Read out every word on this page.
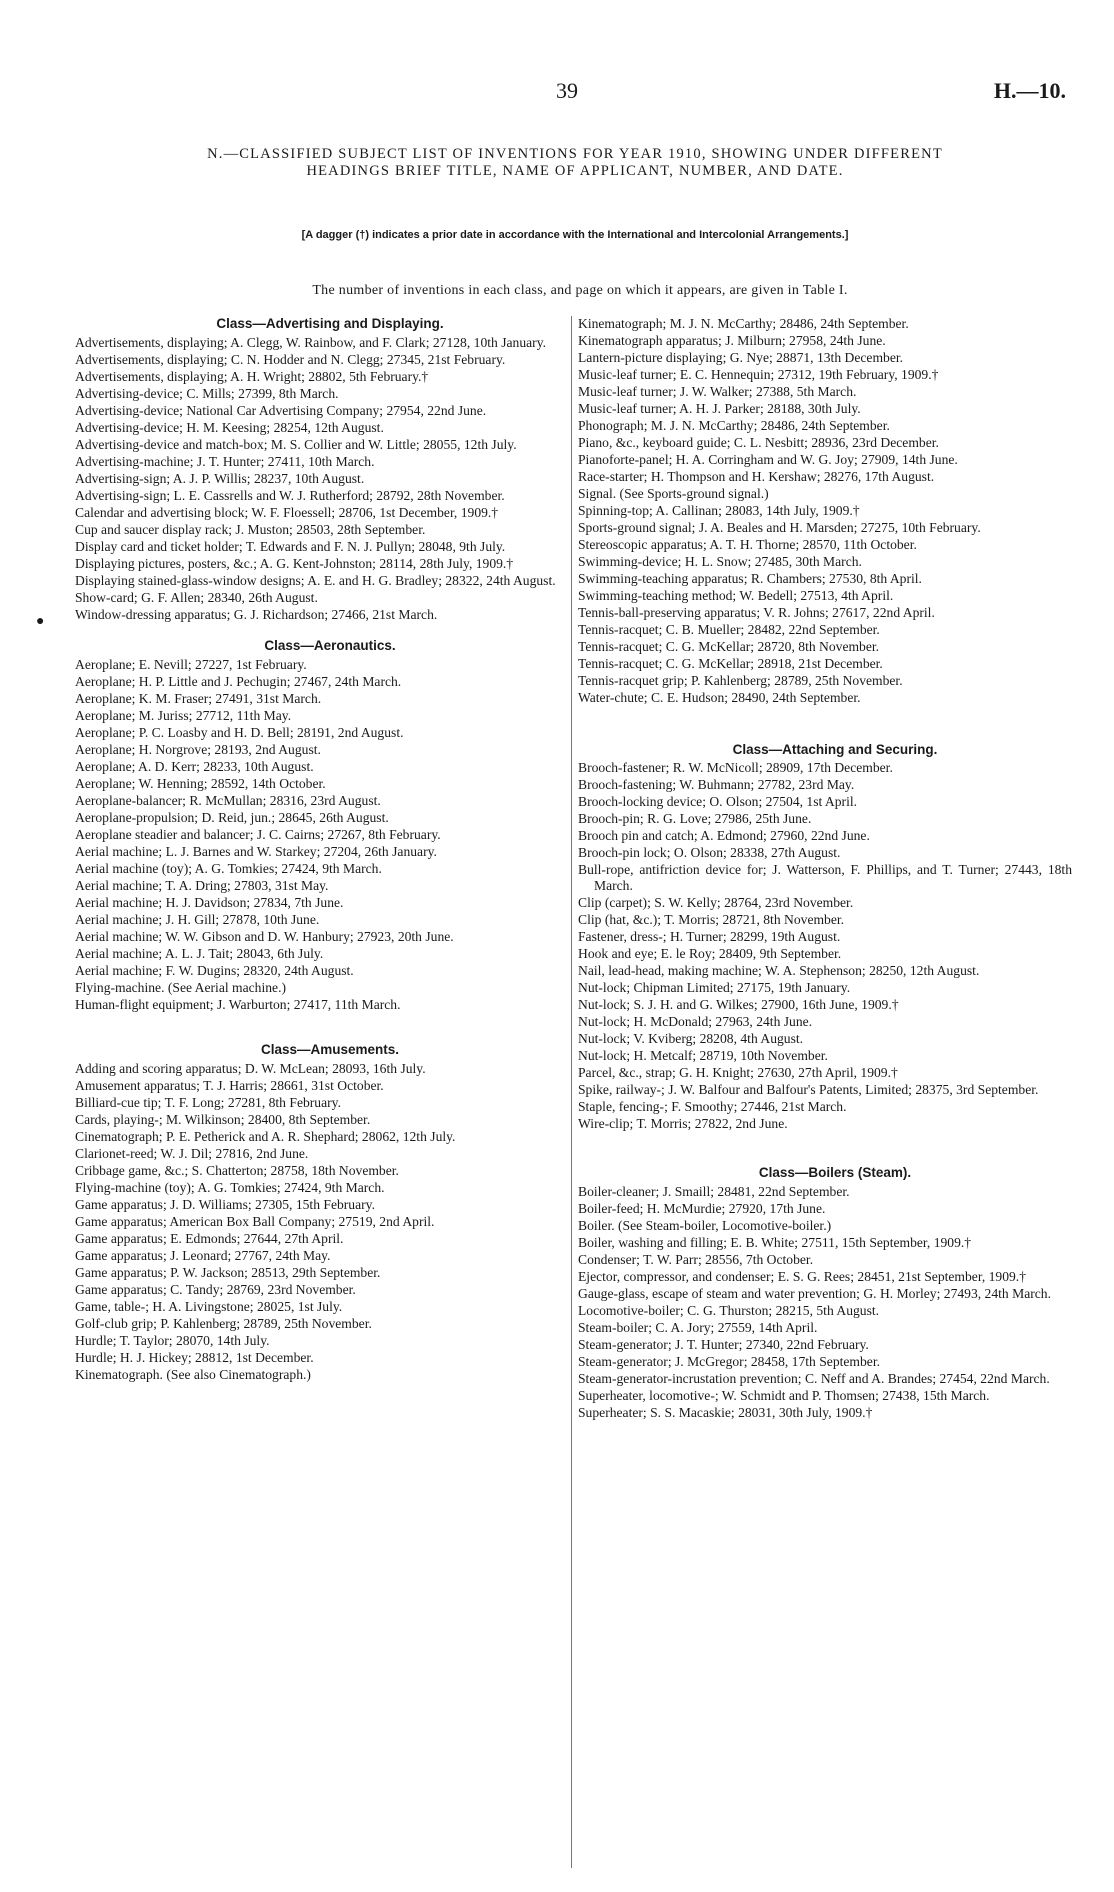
39	H.—10.
N.—CLASSIFIED SUBJECT LIST OF INVENTIONS FOR YEAR 1910, SHOWING UNDER DIFFERENT
HEADINGS BRIEF TITLE, NAME OF APPLICANT, NUMBER, AND DATE.
[A dagger (†) indicates a prior date in accordance with the International and Intercolonial Arrangements.]
The number of inventions in each class, and page on which it appears, are given in Table I.
●
Class—Advertising and Displaying.
Advertisements, displaying; A. Clegg, W. Rainbow, and F. Clark; 27128, 10th January.
Advertisements, displaying; C. N. Hodder and N. Clegg; 27345, 21st February.
Advertisements, displaying; A. H. Wright; 28802, 5th February.†
Advertising-device; C. Mills; 27399, 8th March.
Advertising-device; National Car Advertising Company; 27954, 22nd June.
Advertising-device; H. M. Keesing; 28254, 12th August.
Advertising-device and match-box; M. S. Collier and W. Little; 28055, 12th July.
Advertising-machine; J. T. Hunter; 27411, 10th March.
Advertising-sign; A. J. P. Willis; 28237, 10th August.
Advertising-sign; L. E. Cassrells and W. J. Rutherford; 28792, 28th November.
Calendar and advertising block; W. F. Floessell; 28706, 1st December, 1909.†
Cup and saucer display rack; J. Muston; 28503, 28th September.
Display card and ticket holder; T. Edwards and F. N. J. Pullyn; 28048, 9th July.
Displaying pictures, posters, &c.; A. G. Kent-Johnston; 28114, 28th July, 1909.†
Displaying stained-glass-window designs; A. E. and H. G. Bradley; 28322, 24th August.
Show-card; G. F. Allen; 28340, 26th August.
Window-dressing apparatus; G. J. Richardson; 27466, 21st March.
Class—Aeronautics.
Aeroplane; E. Nevill; 27227, 1st February.
Aeroplane; H. P. Little and J. Pechugin; 27467, 24th March.
Aeroplane; K. M. Fraser; 27491, 31st March.
Aeroplane; M. Juriss; 27712, 11th May.
Aeroplane; P. C. Loasby and H. D. Bell; 28191, 2nd August.
Aeroplane; H. Norgrove; 28193, 2nd August.
Aeroplane; A. D. Kerr; 28233, 10th August.
Aeroplane; W. Henning; 28592, 14th October.
Aeroplane-balancer; R. McMullan; 28316, 23rd August.
Aeroplane-propulsion; D. Reid, jun.; 28645, 26th August.
Aeroplane steadier and balancer; J. C. Cairns; 27267, 8th February.
Aerial machine; L. J. Barnes and W. Starkey; 27204, 26th January.
Aerial machine (toy); A. G. Tomkies; 27424, 9th March.
Aerial machine; T. A. Dring; 27803, 31st May.
Aerial machine; H. J. Davidson; 27834, 7th June.
Aerial machine; J. H. Gill; 27878, 10th June.
Aerial machine; W. W. Gibson and D. W. Hanbury; 27923, 20th June.
Aerial machine; A. L. J. Tait; 28043, 6th July.
Aerial machine; F. W. Dugins; 28320, 24th August.
Flying-machine. (See Aerial machine.)
Human-flight equipment; J. Warburton; 27417, 11th March.
Class—Amusements.
Adding and scoring apparatus; D. W. McLean; 28093, 16th July.
Amusement apparatus; T. J. Harris; 28661, 31st October.
Billiard-cue tip; T. F. Long; 27281, 8th February.
Cards, playing-; M. Wilkinson; 28400, 8th September.
Cinematograph; P. E. Petherick and A. R. Shephard; 28062, 12th July.
Clarionet-reed; W. J. Dil; 27816, 2nd June.
Cribbage game, &c.; S. Chatterton; 28758, 18th November.
Flying-machine (toy); A. G. Tomkies; 27424, 9th March.
Game apparatus; J. D. Williams; 27305, 15th February.
Game apparatus; American Box Ball Company; 27519, 2nd April.
Game apparatus; E. Edmonds; 27644, 27th April.
Game apparatus; J. Leonard; 27767, 24th May.
Game apparatus; P. W. Jackson; 28513, 29th September.
Game apparatus; C. Tandy; 28769, 23rd November.
Game, table-; H. A. Livingstone; 28025, 1st July.
Golf-club grip; P. Kahlenberg; 28789, 25th November.
Hurdle; T. Taylor; 28070, 14th July.
Hurdle; H. J. Hickey; 28812, 1st December.
Kinematograph. (See also Cinematograph.)
Kinematograph; M. J. N. McCarthy; 28486, 24th September.
Kinematograph apparatus; J. Milburn; 27958, 24th June.
Lantern-picture displaying; G. Nye; 28871, 13th December.
Music-leaf turner; E. C. Hennequin; 27312, 19th February, 1909.†
Music-leaf turner; J. W. Walker; 27388, 5th March.
Music-leaf turner; A. H. J. Parker; 28188, 30th July.
Phonograph; M. J. N. McCarthy; 28486, 24th September.
Piano, &c., keyboard guide; C. L. Nesbitt; 28936, 23rd December.
Pianoforte-panel; H. A. Corringham and W. G. Joy; 27909, 14th June.
Race-starter; H. Thompson and H. Kershaw; 28276, 17th August.
Signal. (See Sports-ground signal.)
Spinning-top; A. Callinan; 28083, 14th July, 1909.†
Sports-ground signal; J. A. Beales and H. Marsden; 27275, 10th February.
Stereoscopic apparatus; A. T. H. Thorne; 28570, 11th October.
Swimming-device; H. L. Snow; 27485, 30th March.
Swimming-teaching apparatus; R. Chambers; 27530, 8th April.
Swimming-teaching method; W. Bedell; 27513, 4th April.
Tennis-ball-preserving apparatus; V. R. Johns; 27617, 22nd April.
Tennis-racquet; C. B. Mueller; 28482, 22nd September.
Tennis-racquet; C. G. McKellar; 28720, 8th November.
Tennis-racquet; C. G. McKellar; 28918, 21st December.
Tennis-racquet grip; P. Kahlenberg; 28789, 25th November.
Water-chute; C. E. Hudson; 28490, 24th September.
Class—Attaching and Securing.
Brooch-fastener; R. W. McNicoll; 28909, 17th December.
Brooch-fastening; W. Buhmann; 27782, 23rd May.
Brooch-locking device; O. Olson; 27504, 1st April.
Brooch-pin; R. G. Love; 27986, 25th June.
Brooch pin and catch; A. Edmond; 27960, 22nd June.
Brooch-pin lock; O. Olson; 28338, 27th August.
Bull-rope, antifriction device for; J. Watterson, F. Phillips, and T. Turner; 27443, 18th March.
Clip (carpet); S. W. Kelly; 28764, 23rd November.
Clip (hat, &c.); T. Morris; 28721, 8th November.
Fastener, dress-; H. Turner; 28299, 19th August.
Hook and eye; E. le Roy; 28409, 9th September.
Nail, lead-head, making machine; W. A. Stephenson; 28250, 12th August.
Nut-lock; Chipman Limited; 27175, 19th January.
Nut-lock; S. J. H. and G. Wilkes; 27900, 16th June, 1909.†
Nut-lock; H. McDonald; 27963, 24th June.
Nut-lock; V. Kviberg; 28208, 4th August.
Nut-lock; H. Metcalf; 28719, 10th November.
Parcel, &c., strap; G. H. Knight; 27630, 27th April, 1909.†
Spike, railway-; J. W. Balfour and Balfour's Patents, Limited; 28375, 3rd September.
Staple, fencing-; F. Smoothy; 27446, 21st March.
Wire-clip; T. Morris; 27822, 2nd June.
Class—Boilers (Steam).
Boiler-cleaner; J. Smaill; 28481, 22nd September.
Boiler-feed; H. McMurdie; 27920, 17th June.
Boiler. (See Steam-boiler, Locomotive-boiler.)
Boiler, washing and filling; E. B. White; 27511, 15th September, 1909.†
Condenser; T. W. Parr; 28556, 7th October.
Ejector, compressor, and condenser; E. S. G. Rees; 28451, 21st September, 1909.†
Gauge-glass, escape of steam and water prevention; G. H. Morley; 27493, 24th March.
Locomotive-boiler; C. G. Thurston; 28215, 5th August.
Steam-boiler; C. A. Jory; 27559, 14th April.
Steam-generator; J. T. Hunter; 27340, 22nd February.
Steam-generator; J. McGregor; 28458, 17th September.
Steam-generator-incrustation prevention; C. Neff and A. Brandes; 27454, 22nd March.
Superheater, locomotive-; W. Schmidt and P. Thomsen; 27438, 15th March.
Superheater; S. S. Macaskie; 28031, 30th July, 1909.†
